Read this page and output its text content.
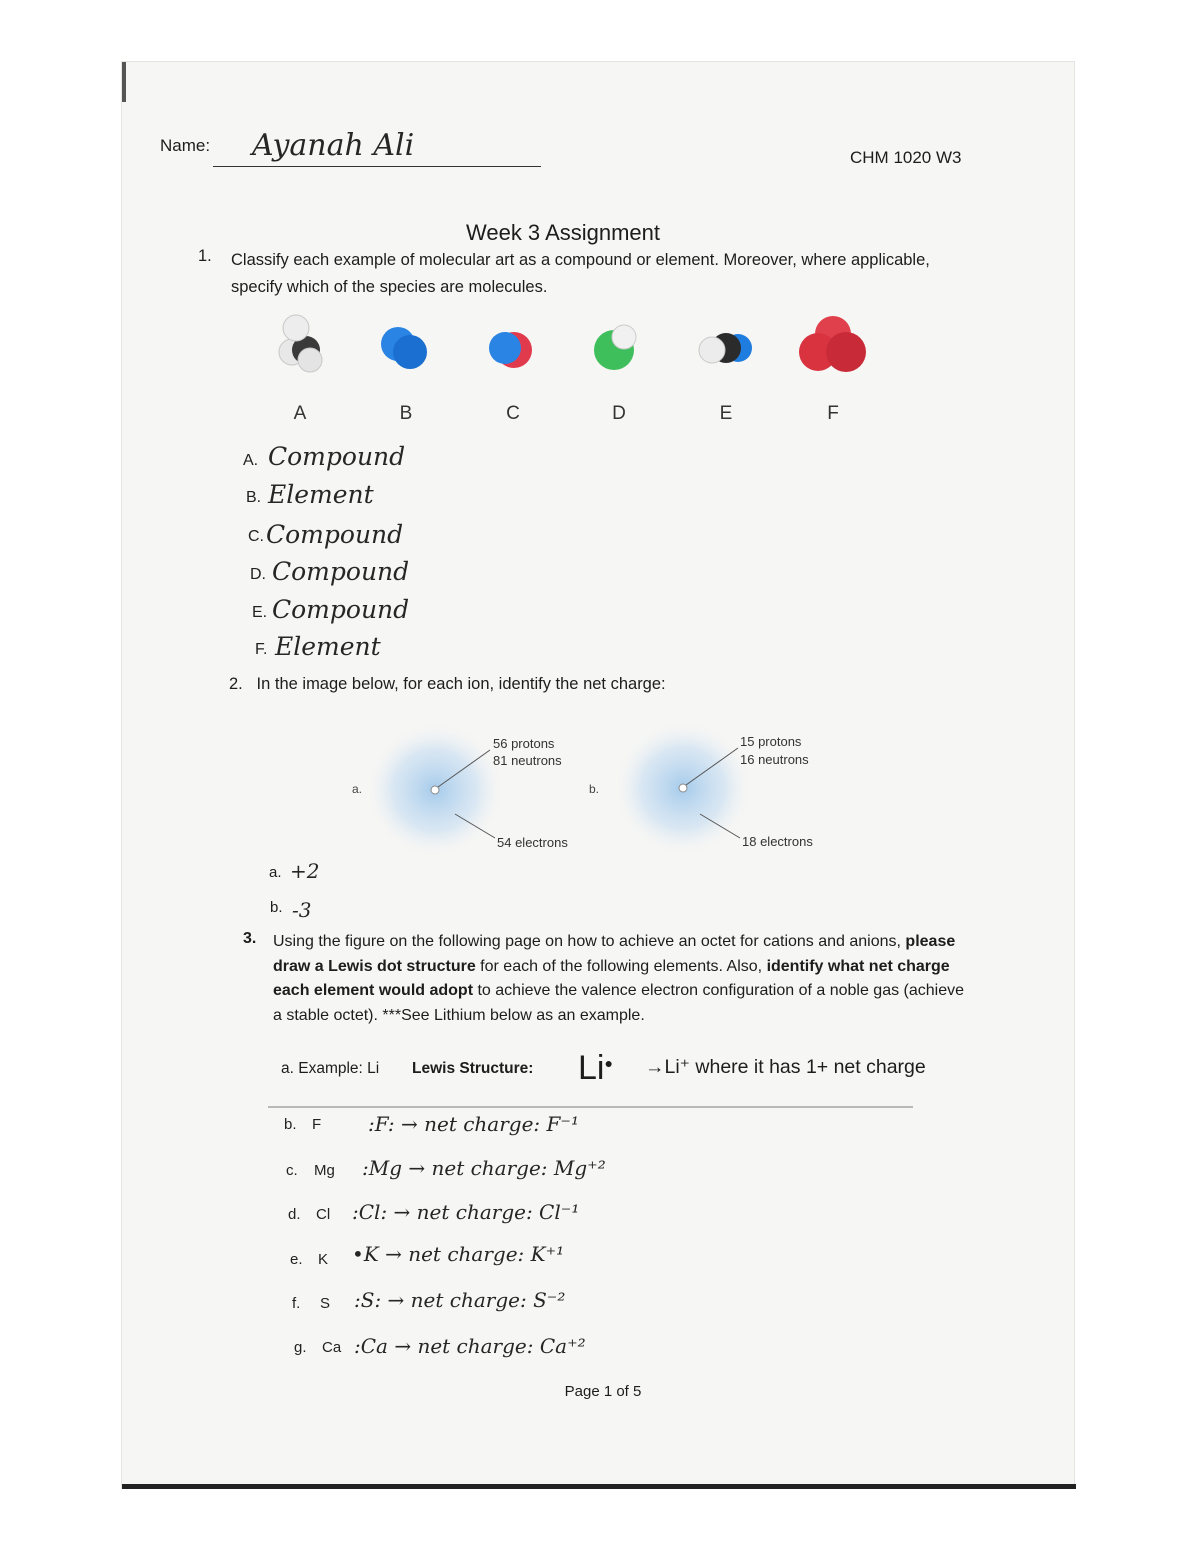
Name: Ayanah Ali	CHM 1020 W3
Week 3 Assignment
1. Classify each example of molecular art as a compound or element. Moreover, where applicable, specify which of the species are molecules.
A	B	C	D	E	F
A. Compound
B. Element
C. Compound
D. Compound
E. Compound
F. Element
2. In the image below, for each ion, identify the net charge:
a.
56 protons
81 neutrons
54 electrons
b.
15 protons
16 neutrons
18 electrons
a. +2
b. -3
3. Using the figure on the following page on how to achieve an octet for cations and anions, please draw a Lewis dot structure for each of the following elements. Also, identify what net charge each element would adopt to achieve the valence electron configuration of a noble gas (achieve a stable octet). ***See Lithium below as an example.
a. Example: Li Lewis Structure: Li● →Li⁺ where it has 1+ net charge
b. F :F: → net charge: F⁻¹
c. Mg :Mg → net charge: Mg⁺²
d. Cl :Cl: → net charge: Cl⁻¹
e. K •K → net charge: K⁺¹
f. S :S: → net charge: S⁻²
g. Ca :Ca → net charge: Ca⁺²
Page 1 of 5
